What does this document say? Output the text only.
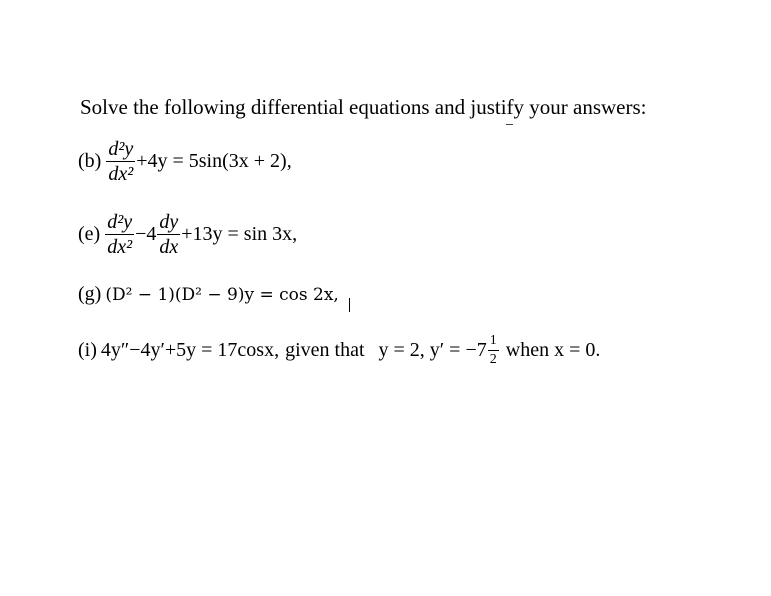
Solve the following differential equations and justify your answers:
$(b) \frac{\text{d²y}}{\text{dx²}} +4y = 5\sin(3x + 2)$,
$(e) \frac{\text{d²y}}{\text{dx²}} -4 \frac{dy}{dx} +13y = \sin 3x$,
(g) (D² − 1)(D² − 9)y = cos 2x,
(i) 4y″−4y′+5y = 17cosx, given that y = 2, $y' = -7 \frac{1}{2}$ when x = 0.
